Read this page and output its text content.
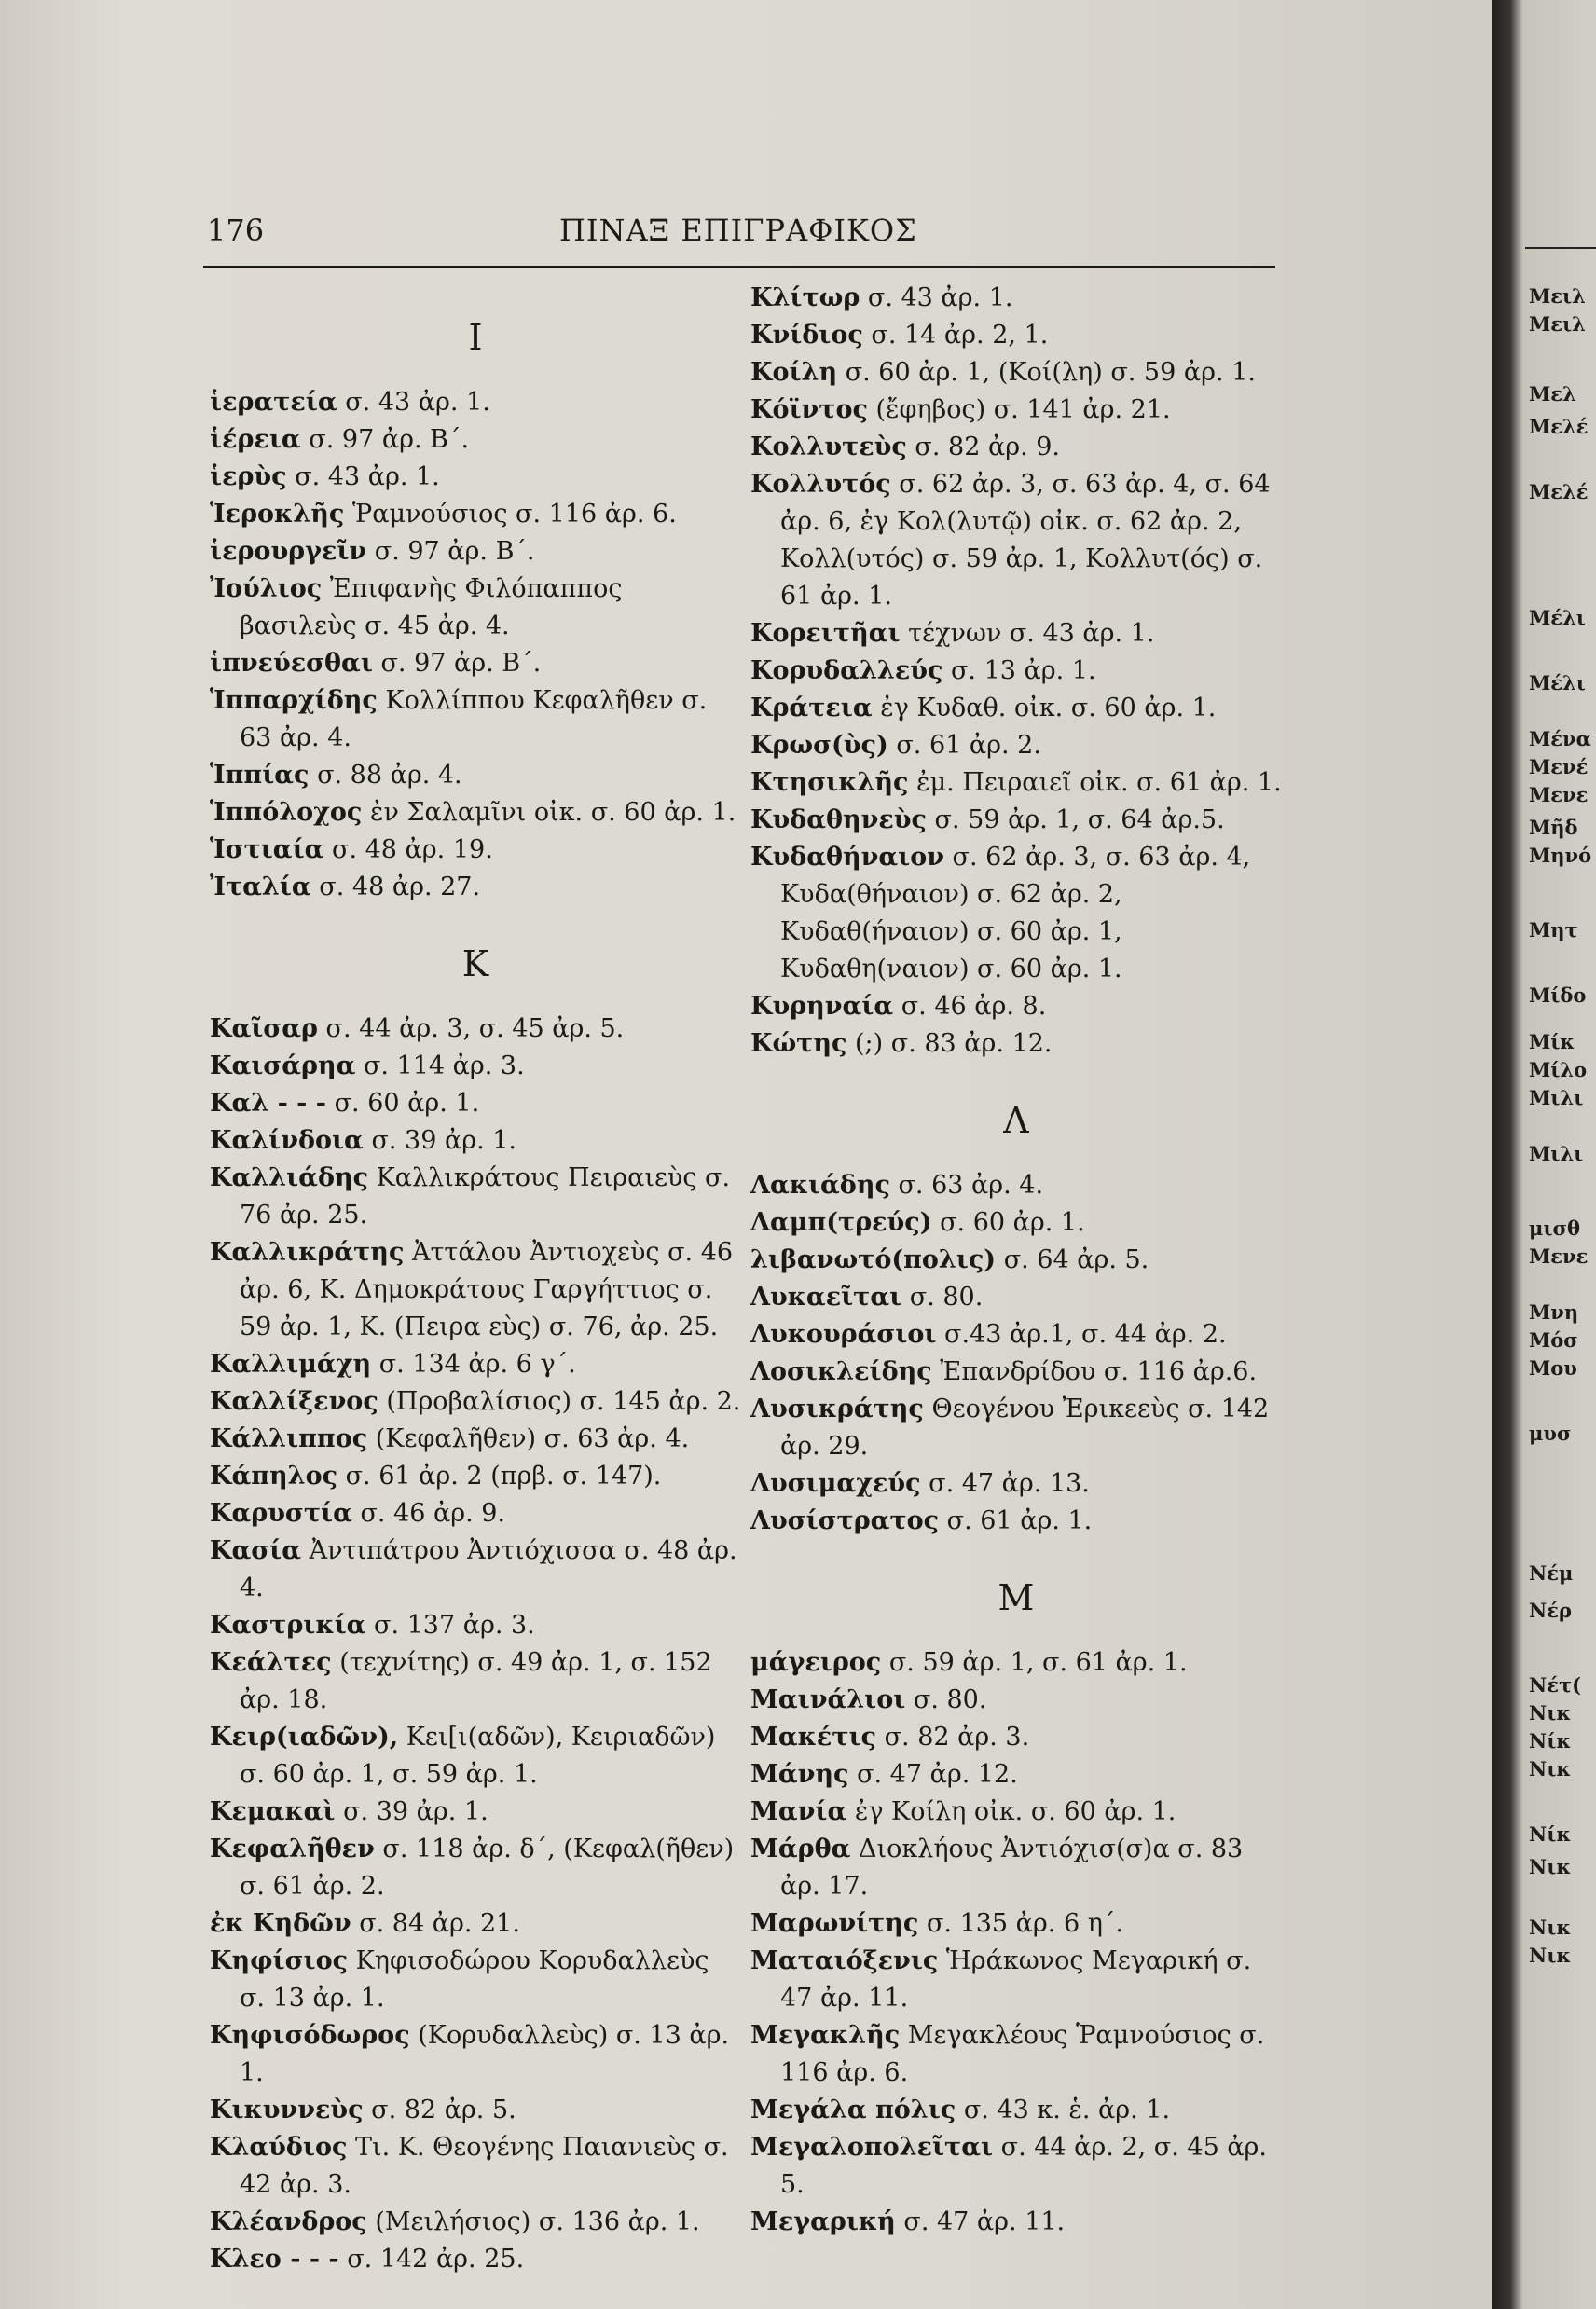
176	ΠΙΝΑΞ ΕΠΙΓΡΑΦΙΚΟΣ
Ι
ἱερατεία σ. 43 ἀρ. 1.
ἱέρεια σ. 97 ἀρ. Β΄.
ἱερὺς σ. 43 ἀρ. 1.
Ἱεροκλῆς Ῥαμνούσιος σ. 116 ἀρ. 6.
ἱερουργεῖν σ. 97 ἀρ. Β΄.
Ἰούλιος Ἐπιφανὴς Φιλόπαππος βασιλεὺς σ. 45 ἀρ. 4.
ἱπνεύεσθαι σ. 97 ἀρ. Β΄.
Ἱππαρχίδης Κολλίππου Κεφαλῆθεν σ. 63 ἀρ. 4.
Ἱππίας σ. 88 ἀρ. 4.
Ἱππόλοχος ἐν Σαλαμῖνι οἰκ. σ. 60 ἀρ. 1.
Ἱστιαία σ. 48 ἀρ. 19.
Ἰταλία σ. 48 ἀρ. 27.
Κ
Καῖσαρ σ. 44 ἀρ. 3, σ. 45 ἀρ. 5.
Καισάρηα σ. 114 ἀρ. 3.
Καλ - - - σ. 60 ἀρ. 1.
Καλίνδοια σ. 39 ἀρ. 1.
Καλλιάδης Καλλικράτους Πειραιεὺς σ. 76 ἀρ. 25.
Καλλικράτης Ἀττάλου Ἀντιοχεὺς σ. 46 ἀρ. 6, Κ. Δημοκράτους Γαργήττιος σ. 59 ἀρ. 1, Κ. (Πειρα εὺς) σ. 76, ἀρ. 25.
Καλλιμάχη σ. 134 ἀρ. 6 γ΄.
Καλλίξενος (Προβαλίσιος) σ. 145 ἀρ. 2.
Κάλλιππος (Κεφαλῆθεν) σ. 63 ἀρ. 4.
Κάπηλος σ. 61 ἀρ. 2 (πρβ. σ. 147).
Καρυστία σ. 46 ἀρ. 9.
Κασία Ἀντιπάτρου Ἀντιόχισσα σ. 48 ἀρ. 4.
Καστρικία σ. 137 ἀρ. 3.
Κεάλτες (τεχνίτης) σ. 49 ἀρ. 1, σ. 152 ἀρ. 18.
Κειρ(ιαδῶν), Κει[ι(αδῶν), Κειριαδῶν) σ. 60 ἀρ. 1, σ. 59 ἀρ. 1.
Κεμακαὶ σ. 39 ἀρ. 1.
Κεφαλῆθεν σ. 118 ἀρ. δ΄, (Κεφαλ(ῆθεν) σ. 61 ἀρ. 2.
ἐκ Κηδῶν σ. 84 ἀρ. 21.
Κηφίσιος Κηφισοδώρου Κορυδαλλεὺς σ. 13 ἀρ. 1.
Κηφισόδωρος (Κορυδαλλεὺς) σ. 13 ἀρ. 1.
Κικυννεὺς σ. 82 ἀρ. 5.
Κλαύδιος Τι. Κ. Θεογένης Παιανιεὺς σ. 42 ἀρ. 3.
Κλέανδρος (Μειλήσιος) σ. 136 ἀρ. 1.
Κλεο - - - σ. 142 ἀρ. 25.
Κλίτωρ σ. 43 ἀρ. 1.
Κνίδιος σ. 14 ἀρ. 2, 1.
Κοίλη σ. 60 ἀρ. 1, (Κοί(λη) σ. 59 ἀρ. 1.
Κόϊντος (ἔφηβος) σ. 141 ἀρ. 21.
Κολλυτεὺς σ. 82 ἀρ. 9.
Κολλυτός σ. 62 ἀρ. 3, σ. 63 ἀρ. 4, σ. 64 ἀρ. 6, ἐγ Κολ(λυτῷ) οἰκ. σ. 62 ἀρ. 2, Κολλ(υτός) σ. 59 ἀρ. 1, Κολλυτ(ός) σ. 61 ἀρ. 1.
Κορειτῆαι τέχνων σ. 43 ἀρ. 1.
Κορυδαλλεύς σ. 13 ἀρ. 1.
Κράτεια ἐγ Κυδαθ. οἰκ. σ. 60 ἀρ. 1.
Κρωσ(ὺς) σ. 61 ἀρ. 2.
Κτησικλῆς ἐμ. Πειραιεῖ οἰκ. σ. 61 ἀρ. 1.
Κυδαθηνεὺς σ. 59 ἀρ. 1, σ. 64 ἀρ.5.
Κυδαθήναιον σ. 62 ἀρ. 3, σ. 63 ἀρ. 4, Κυδα(θήναιον) σ. 62 ἀρ. 2, Κυδαθ(ήναιον) σ. 60 ἀρ. 1, Κυδαθη(ναιον) σ. 60 ἀρ. 1.
Κυρηναία σ. 46 ἀρ. 8.
Κώτης (;) σ. 83 ἀρ. 12.
Λ
Λακιάδης σ. 63 ἀρ. 4.
Λαμπ(τρεύς) σ. 60 ἀρ. 1.
λιβανωτό(πολις) σ. 64 ἀρ. 5.
Λυκαεῖται σ. 80.
Λυκουράσιοι σ.43 ἀρ.1, σ. 44 ἀρ. 2.
Λοσικλείδης Ἐπανδρίδου σ. 116 ἀρ.6.
Λυσικράτης Θεογένου Ἐρικεεὺς σ. 142 ἀρ. 29.
Λυσιμαχεύς σ. 47 ἀρ. 13.
Λυσίστρατος σ. 61 ἀρ. 1.
Μ
μάγειρος σ. 59 ἀρ. 1, σ. 61 ἀρ. 1.
Μαινάλιοι σ. 80.
Μακέτις σ. 82 ἀρ. 3.
Μάνης σ. 47 ἀρ. 12.
Μανία ἐγ Κοίλη οἰκ. σ. 60 ἀρ. 1.
Μάρθα Διοκλήους Ἀντιόχισ(σ)α σ. 83 ἀρ. 17.
Μαρωνίτης σ. 135 ἀρ. 6 η΄.
Ματαιόξενις Ἡράκωνος Μεγαρική σ. 47 ἀρ. 11.
Μεγακλῆς Μεγακλέους Ῥαμνούσιος σ. 116 ἀρ. 6.
Μεγάλα πόλις σ. 43 κ. ἑ. ἀρ. 1.
Μεγαλοπολεῖται σ. 44 ἀρ. 2, σ. 45 ἀρ. 5.
Μεγαρική σ. 47 ἀρ. 11.
Μειλ
Μειλ
Μελ
Μελέ
Μελέ
Μέλι
Μέλι
Μένα
Μενέ
Μενε
Μῆδ
Μηνό
Μητ
Μίδο
Μίκ
Μίλο
Μιλι
Μιλι
μισθ
Μενε
Μνη
Μόσ
Μου
μυσ
Νέμ
Νέρ
Νέτ(
Νικ
Νίκ
Νικ
Νίκ
Νικ
Νικ
Νικ
